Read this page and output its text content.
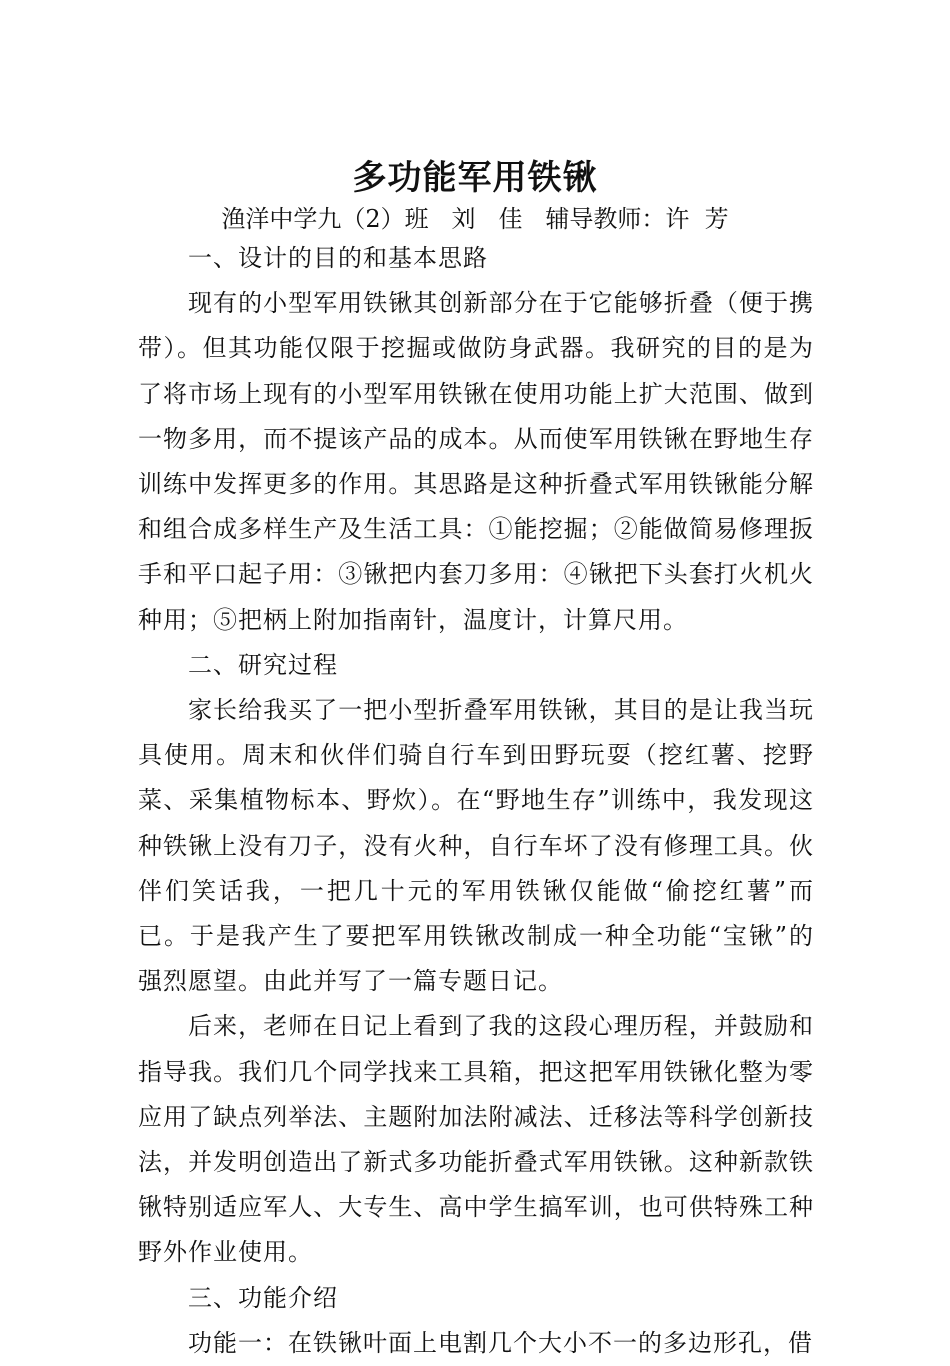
多功能军用铁锹
渔洋中学九（2）班   刘   佳   辅导教师：许  芳

一、设计的目的和基本思路

现有的小型军用铁锹其创新部分在于它能够折叠（便于携带）。但其功能仅限于挖掘或做防身武器。我研究的目的是为了将市场上现有的小型军用铁锹在使用功能上扩大范围、做到一物多用，而不提该产品的成本。从而使军用铁锹在野地生存训练中发挥更多的作用。其思路是这种折叠式军用铁锹能分解和组合成多样生产及生活工具：①能挖掘；②能做简易修理扳手和平口起子用：③锹把内套刀多用：④锹把下头套打火机火种用；⑤把柄上附加指南针，温度计，计算尺用。

二、研究过程

家长给我买了一把小型折叠军用铁锹，其目的是让我当玩具使用。周末和伙伴们骑自行车到田野玩耍（挖红薯、挖野菜、采集植物标本、野炊）。在“野地生存”训练中，我发现这种铁锹上没有刀子，没有火种，自行车坏了没有修理工具。伙伴们笑话我，一把几十元的军用铁锹仅能做“偷挖红薯”而已。于是我产生了要把军用铁锹改制成一种全功能“宝锹”的强烈愿望。由此并写了一篇专题日记。

后来，老师在日记上看到了我的这段心理历程，并鼓励和指导我。我们几个同学找来工具箱，把这把军用铁锹化整为零应用了缺点列举法、主题附加法附减法、迁移法等科学创新技法，并发明创造出了新式多功能折叠式军用铁锹。这种新款铁锹特别适应军人、大专生、高中学生搞军训，也可供特殊工种野外作业使用。

三、功能介绍

功能一：在铁锹叶面上电割几个大小不一的多边形孔，借
